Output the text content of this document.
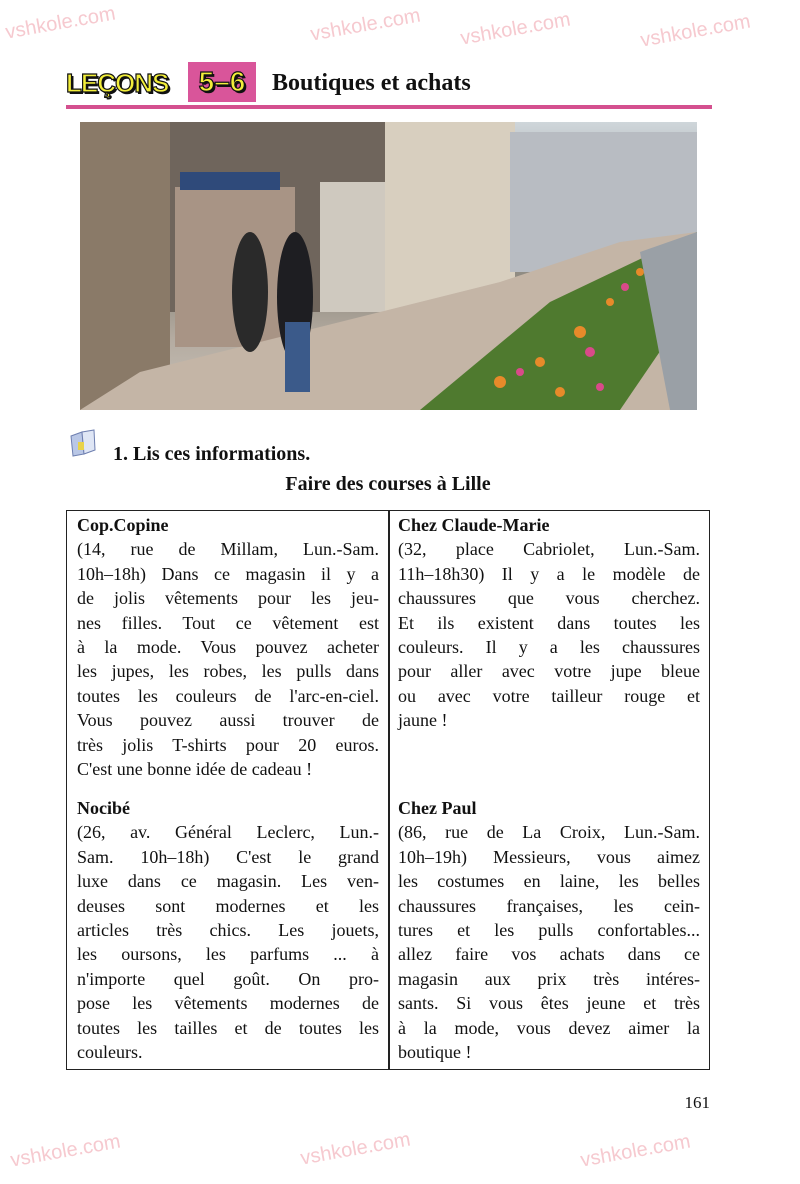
LEÇONS	5–6	Boutiques et achats
1. Lis ces informations.
Faire des courses à Lille
Cop.Copine
(14, rue de Millam, Lun.-Sam.
10h–18h) Dans ce magasin il y a
de jolis vêtements pour les jeu-
nes filles. Tout ce vêtement est
à la mode. Vous pouvez acheter
les jupes, les robes, les pulls dans
toutes les couleurs de l'arc-en-ciel.
Vous pouvez aussi trouver de
très jolis T-shirts pour 20 euros.
C'est une bonne idée de cadeau !
Chez Claude-Marie
(32, place Cabriolet, Lun.-Sam.
11h–18h30) Il y a le modèle de
chaussures que vous cherchez.
Et ils existent dans toutes les
couleurs. Il y a les chaussures
pour aller avec votre jupe bleue
ou avec votre tailleur rouge et
jaune !
Nocibé
(26, av. Général Leclerc, Lun.-
Sam. 10h–18h) C'est le grand
luxe dans ce magasin. Les ven-
deuses sont modernes et les
articles très chics. Les jouets,
les oursons, les parfums ... à
n'importe quel goût. On pro-
pose les vêtements modernes de
toutes les tailles et de toutes les
couleurs.
Chez Paul
(86, rue de La Croix, Lun.-Sam.
10h–19h) Messieurs, vous aimez
les costumes en laine, les belles
chaussures françaises, les cein-
tures et les pulls confortables...
allez faire vos achats dans ce
magasin aux prix très intéres-
sants. Si vous êtes jeune et très
à la mode, vous devez aimer la
boutique !
161
vshkole.com	vshkole.com vshkole.com	vshkole.com
vshkole.com	vshkole.com	vshkole.com
